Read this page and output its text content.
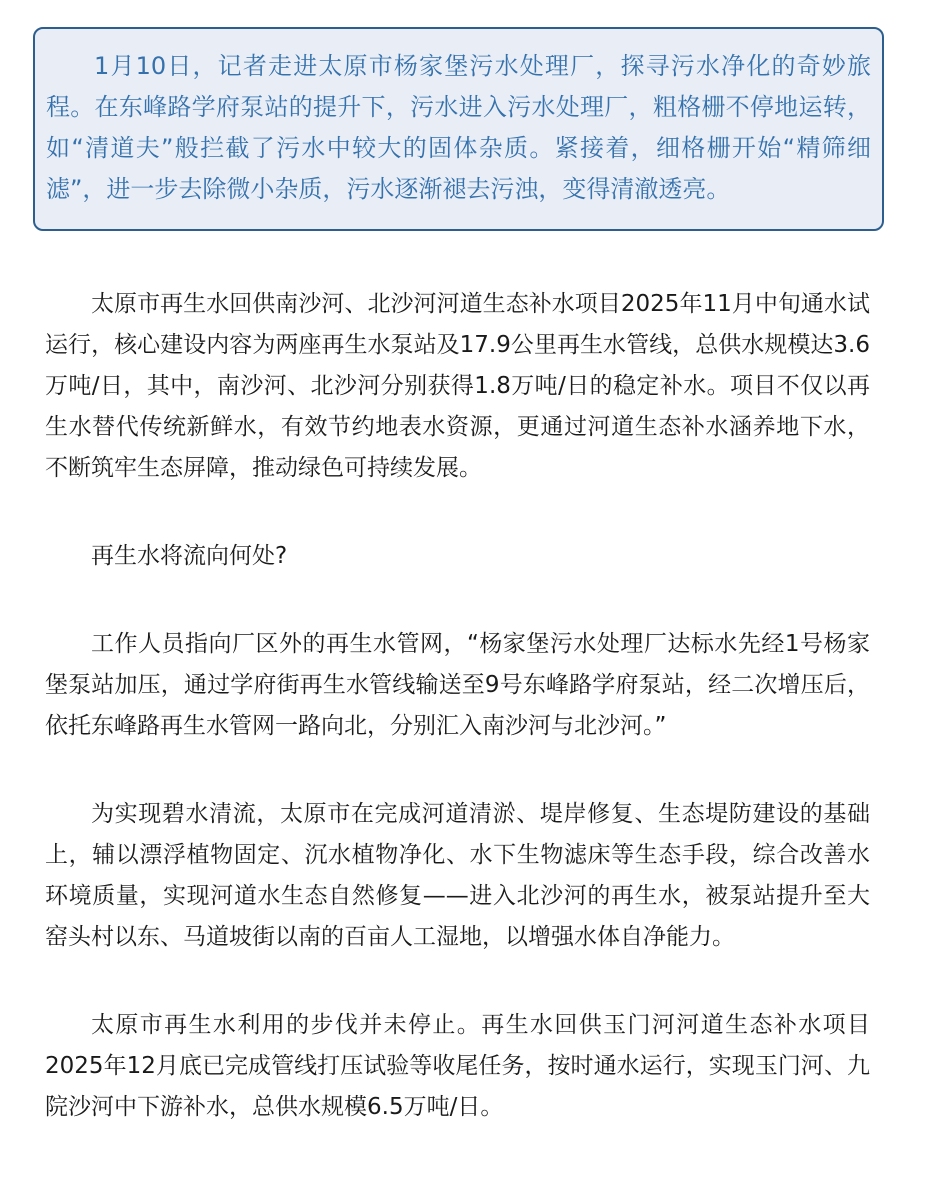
1月10日，记者走进太原市杨家堡污水处理厂，探寻污水净化的奇妙旅程。在东峰路学府泵站的提升下，污水进入污水处理厂，粗格栅不停地运转，如“清道夫”般拦截了污水中较大的固体杂质。紧接着，细格栅开始“精筛细滤”，进一步去除微小杂质，污水逐渐褪去污浊，变得清澈透亮。

太原市再生水回供南沙河、北沙河河道生态补水项目2025年11月中旬通水试运行，核心建设内容为两座再生水泵站及17.9公里再生水管线，总供水规模达3.6万吨/日，其中，南沙河、北沙河分别获得1.8万吨/日的稳定补水。项目不仅以再生水替代传统新鲜水，有效节约地表水资源，更通过河道生态补水涵养地下水，不断筑牢生态屏障，推动绿色可持续发展。

再生水将流向何处?

工作人员指向厂区外的再生水管网，“杨家堡污水处理厂达标水先经1号杨家堡泵站加压，通过学府街再生水管线输送至9号东峰路学府泵站，经二次增压后，依托东峰路再生水管网一路向北，分别汇入南沙河与北沙河。”

为实现碧水清流，太原市在完成河道清淤、堤岸修复、生态堤防建设的基础上，辅以漂浮植物固定、沉水植物净化、水下生物滤床等生态手段，综合改善水环境质量，实现河道水生态自然修复——进入北沙河的再生水，被泵站提升至大窑头村以东、马道坡街以南的百亩人工湿地，以增强水体自净能力。

太原市再生水利用的步伐并未停止。再生水回供玉门河河道生态补水项目2025年12月底已完成管线打压试验等收尾任务，按时通水运行，实现玉门河、九院沙河中下游补水，总供水规模6.5万吨/日。
